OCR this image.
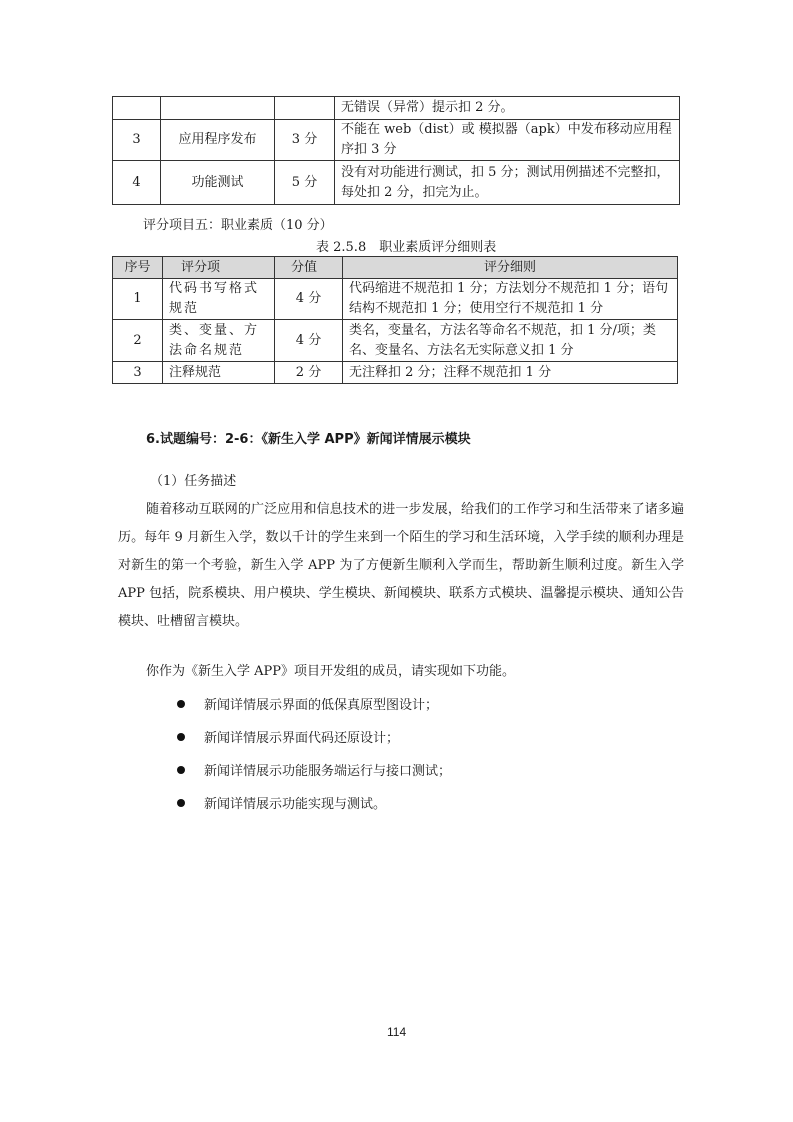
			无错误（异常）提示扣 2 分。
3	应用程序发布	3 分	不能在 web（dist）或 模拟器（apk）中发布移动应用程序扣 3 分
4	功能测试	5 分	没有对功能进行测试，扣 5 分；测试用例描述不完整扣，每处扣 2 分，扣完为止。
评分项目五：职业素质（10 分）
表 2.5.8　职业素质评分细则表
序号	评分项	分值	评分细则
1	代码书写格式规范	4 分	代码缩进不规范扣 1 分；方法划分不规范扣 1 分；语句结构不规范扣 1 分；使用空行不规范扣 1 分
2	类、变量、方法命名规范	4 分	类名，变量名，方法名等命名不规范，扣 1 分/项；类名、变量名、方法名无实际意义扣 1 分
3	注释规范	2 分	无注释扣 2 分；注释不规范扣 1 分
6.试题编号：2-6：《新生入学 APP》新闻详情展示模块
（1）任务描述
随着移动互联网的广泛应用和信息技术的进一步发展，给我们的工作学习和生活带来了诸多遍历。每年 9 月新生入学，数以千计的学生来到一个陌生的学习和生活环境，入学手续的顺利办理是对新生的第一个考验，新生入学 APP 为了方便新生顺利入学而生，帮助新生顺利过度。新生入学 APP 包括，院系模块、用户模块、学生模块、新闻模块、联系方式模块、温馨提示模块、通知公告模块、吐槽留言模块。
你作为《新生入学 APP》项目开发组的成员，请实现如下功能。
新闻详情展示界面的低保真原型图设计；
新闻详情展示界面代码还原设计；
新闻详情展示功能服务端运行与接口测试；
新闻详情展示功能实现与测试。
114
